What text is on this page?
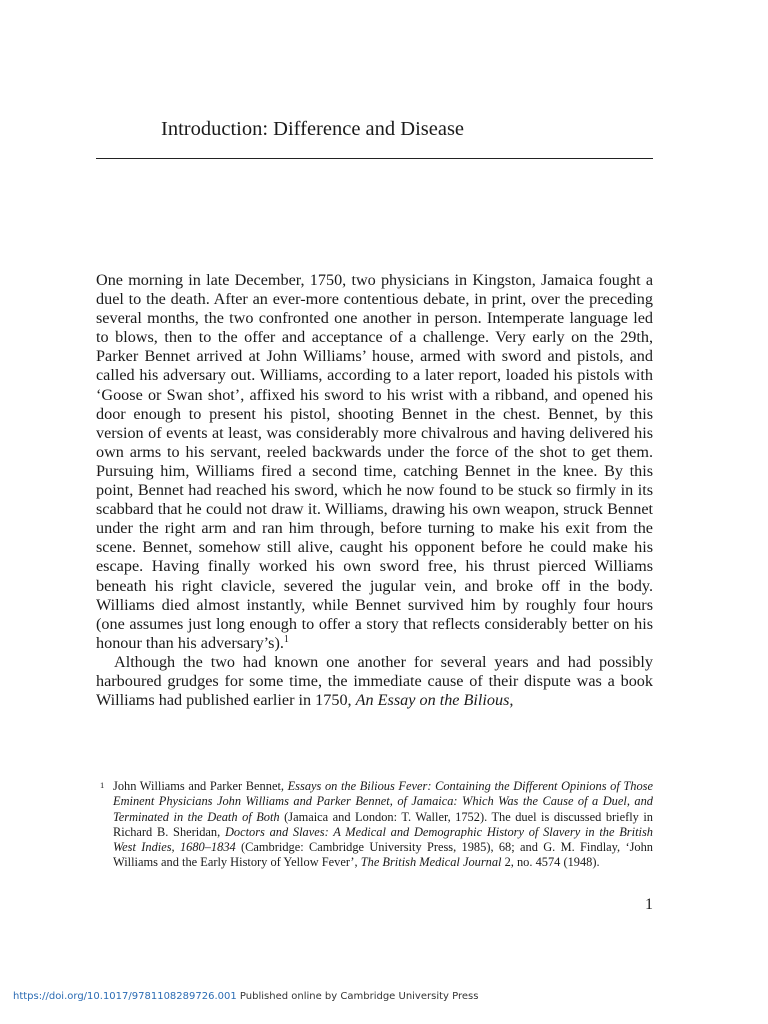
Introduction: Difference and Disease

One morning in late December, 1750, two physicians in Kingston, Jamaica fought a duel to the death. After an ever-more contentious debate, in print, over the preceding several months, the two confronted one another in person. Intemperate language led to blows, then to the offer and acceptance of a challenge. Very early on the 29th, Parker Bennet arrived at John Williams’ house, armed with sword and pistols, and called his adversary out. Williams, according to a later report, loaded his pistols with ‘Goose or Swan shot’, affixed his sword to his wrist with a ribband, and opened his door enough to present his pistol, shooting Bennet in the chest. Bennet, by this version of events at least, was considerably more chivalrous and having delivered his own arms to his servant, reeled backwards under the force of the shot to get them. Pursuing him, Williams fired a second time, catching Bennet in the knee. By this point, Bennet had reached his sword, which he now found to be stuck so firmly in its scabbard that he could not draw it. Williams, drawing his own weapon, struck Bennet under the right arm and ran him through, before turning to make his exit from the scene. Bennet, somehow still alive, caught his opponent before he could make his escape. Having finally worked his own sword free, his thrust pierced Williams beneath his right clavicle, severed the jugular vein, and broke off in the body. Williams died almost instantly, while Bennet survived him by roughly four hours (one assumes just long enough to offer a story that reflects considerably better on his honour than his adversary’s).$^1$

Although the two had known one another for several years and had possibly harboured grudges for some time, the immediate cause of their dispute was a book Williams had published earlier in 1750, An Essay on the Bilious,

1 John Williams and Parker Bennet, Essays on the Bilious Fever: Containing the Different Opinions of Those Eminent Physicians John Williams and Parker Bennet, of Jamaica: Which Was the Cause of a Duel, and Terminated in the Death of Both (Jamaica and London: T. Waller, 1752). The duel is discussed briefly in Richard B. Sheridan, Doctors and Slaves: A Medical and Demographic History of Slavery in the British West Indies, 1680–1834 (Cambridge: Cambridge University Press, 1985), 68; and G. M. Findlay, ‘John Williams and the Early History of Yellow Fever’, The British Medical Journal 2, no. 4574 (1948).
1
https://doi.org/10.1017/9781108289726.001 Published online by Cambridge University Press
